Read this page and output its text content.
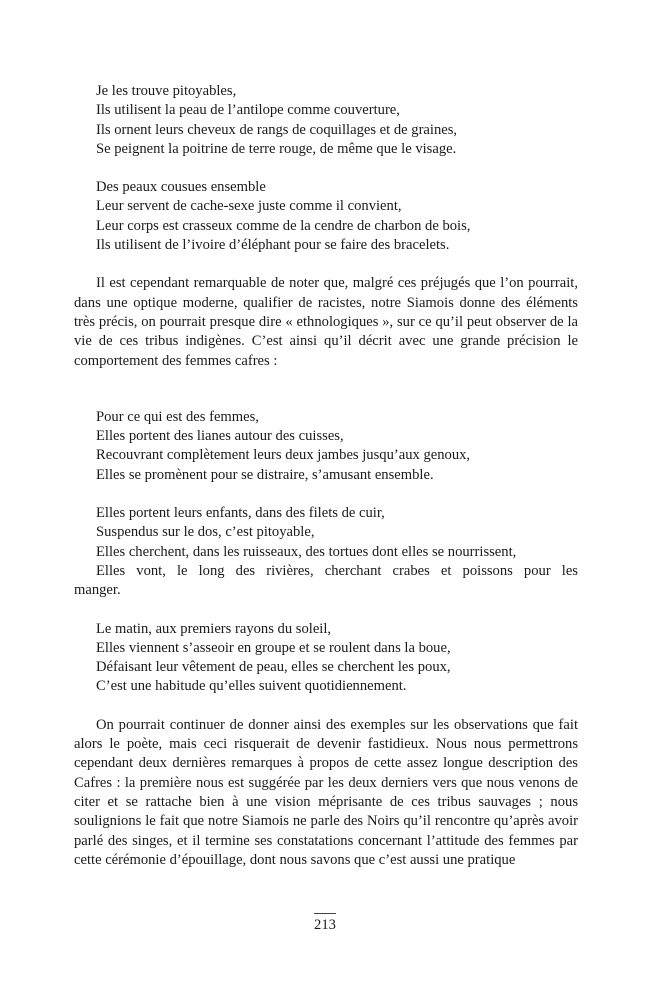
Je les trouve pitoyables,
Ils utilisent la peau de l’antilope comme couverture,
Ils ornent leurs cheveux de rangs de coquillages et de graines,
Se peignent la poitrine de terre rouge, de même que le visage.
Des peaux cousues ensemble
Leur servent de cache-sexe juste comme il convient,
Leur corps est crasseux comme de la cendre de charbon de bois,
Ils utilisent de l’ivoire d’éléphant pour se faire des bracelets.

Il est cependant remarquable de noter que, malgré ces préjugés que l’on pourrait, dans une optique moderne, qualifier de racistes, notre Siamois donne des éléments très précis, on pourrait presque dire « ethnologiques », sur ce qu’il peut observer de la vie de ces tribus indigènes. C’est ainsi qu’il décrit avec une grande précision le comportement des femmes cafres :

Pour ce qui est des femmes,
Elles portent des lianes autour des cuisses,
Recouvrant complètement leurs deux jambes jusqu’aux genoux,
Elles se promènent pour se distraire, s’amusant ensemble.
Elles portent leurs enfants, dans des filets de cuir,
Suspendus sur le dos, c’est pitoyable,
Elles cherchent, dans les ruisseaux, des tortues dont elles se nourrissent,
Elles vont, le long des rivières, cherchant crabes et poissons pour les
manger.
Le matin, aux premiers rayons du soleil,
Elles viennent s’asseoir en groupe et se roulent dans la boue,
Défaisant leur vêtement de peau, elles se cherchent les poux,
C’est une habitude qu’elles suivent quotidiennement.

On pourrait continuer de donner ainsi des exemples sur les observations que fait alors le poète, mais ceci risquerait de devenir fastidieux. Nous nous permettrons cependant deux dernières remarques à propos de cette assez longue description des Cafres : la première nous est suggérée par les deux derniers vers que nous venons de citer et se rattache bien à une vision méprisante de ces tribus sauvages ; nous soulignions le fait que notre Siamois ne parle des Noirs qu’il rencontre qu’après avoir parlé des singes, et il termine ses constatations concernant l’attitude des femmes par cette cérémonie d’épouillage, dont nous savons que c’est aussi une pratique

213
